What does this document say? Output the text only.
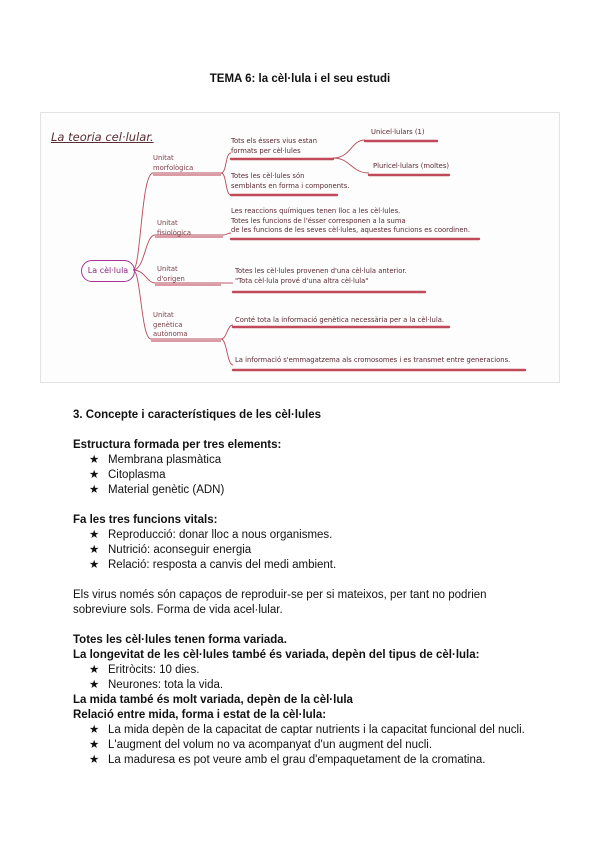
TEMA 6: la cèl·lula i el seu estudi
La teoria cel·lular.
La cèl·lula
Unitat
morfològica
Tots els éssers vius estan
formats per cèl·lules
Totes les cèl·lules són
semblants en forma i components.
Unicel·lulars (1)
Pluricel·lulars (moltes)
Unitat
fisiològica
Les reaccions químiques tenen lloc a les cèl·lules.
Totes les funcions de l'ésser corresponen a la suma
de les funcions de les seves cèl·lules, aquestes funcions es coordinen.
Unitat
d'origen
Totes les cèl·lules provenen d'una cèl·lula anterior.
"Tota cèl·lula prové d'una altra cèl·lula"
Unitat
genètica
autònoma
Conté tota la informació genètica necessària per a la cèl·lula.
La informació s'emmagatzema als cromosomes i es transmet entre generacions.

3. Concepte i característiques de les cèl·lules

Estructura formada per tres elements:

★ Membrana plasmàtica
★ Citoplasma
★ Material genètic (ADN)

Fa les tres funcions vitals:

★ Reproducció: donar lloc a nous organismes.
★ Nutrició: aconseguir energia
★ Relació: resposta a canvis del medi ambient.

Els virus només són capaços de reproduir-se per si mateixos, per tant no podrien sobreviure sols. Forma de vida acel·lular.

Totes les cèl·lules tenen forma variada.

La longevitat de les cèl·lules també és variada, depèn del tipus de cèl·lula:

★ Eritròcits: 10 dies.
★ Neurones: tota la vida.

La mida també és molt variada, depèn de la cèl·lula

Relació entre mida, forma i estat de la cèl·lula:

★ La mida depèn de la capacitat de captar nutrients i la capacitat funcional del nucli.
★ L'augment del volum no va acompanyat d'un augment del nucli.
★ La maduresa es pot veure amb el grau d'empaquetament de la cromatina.
